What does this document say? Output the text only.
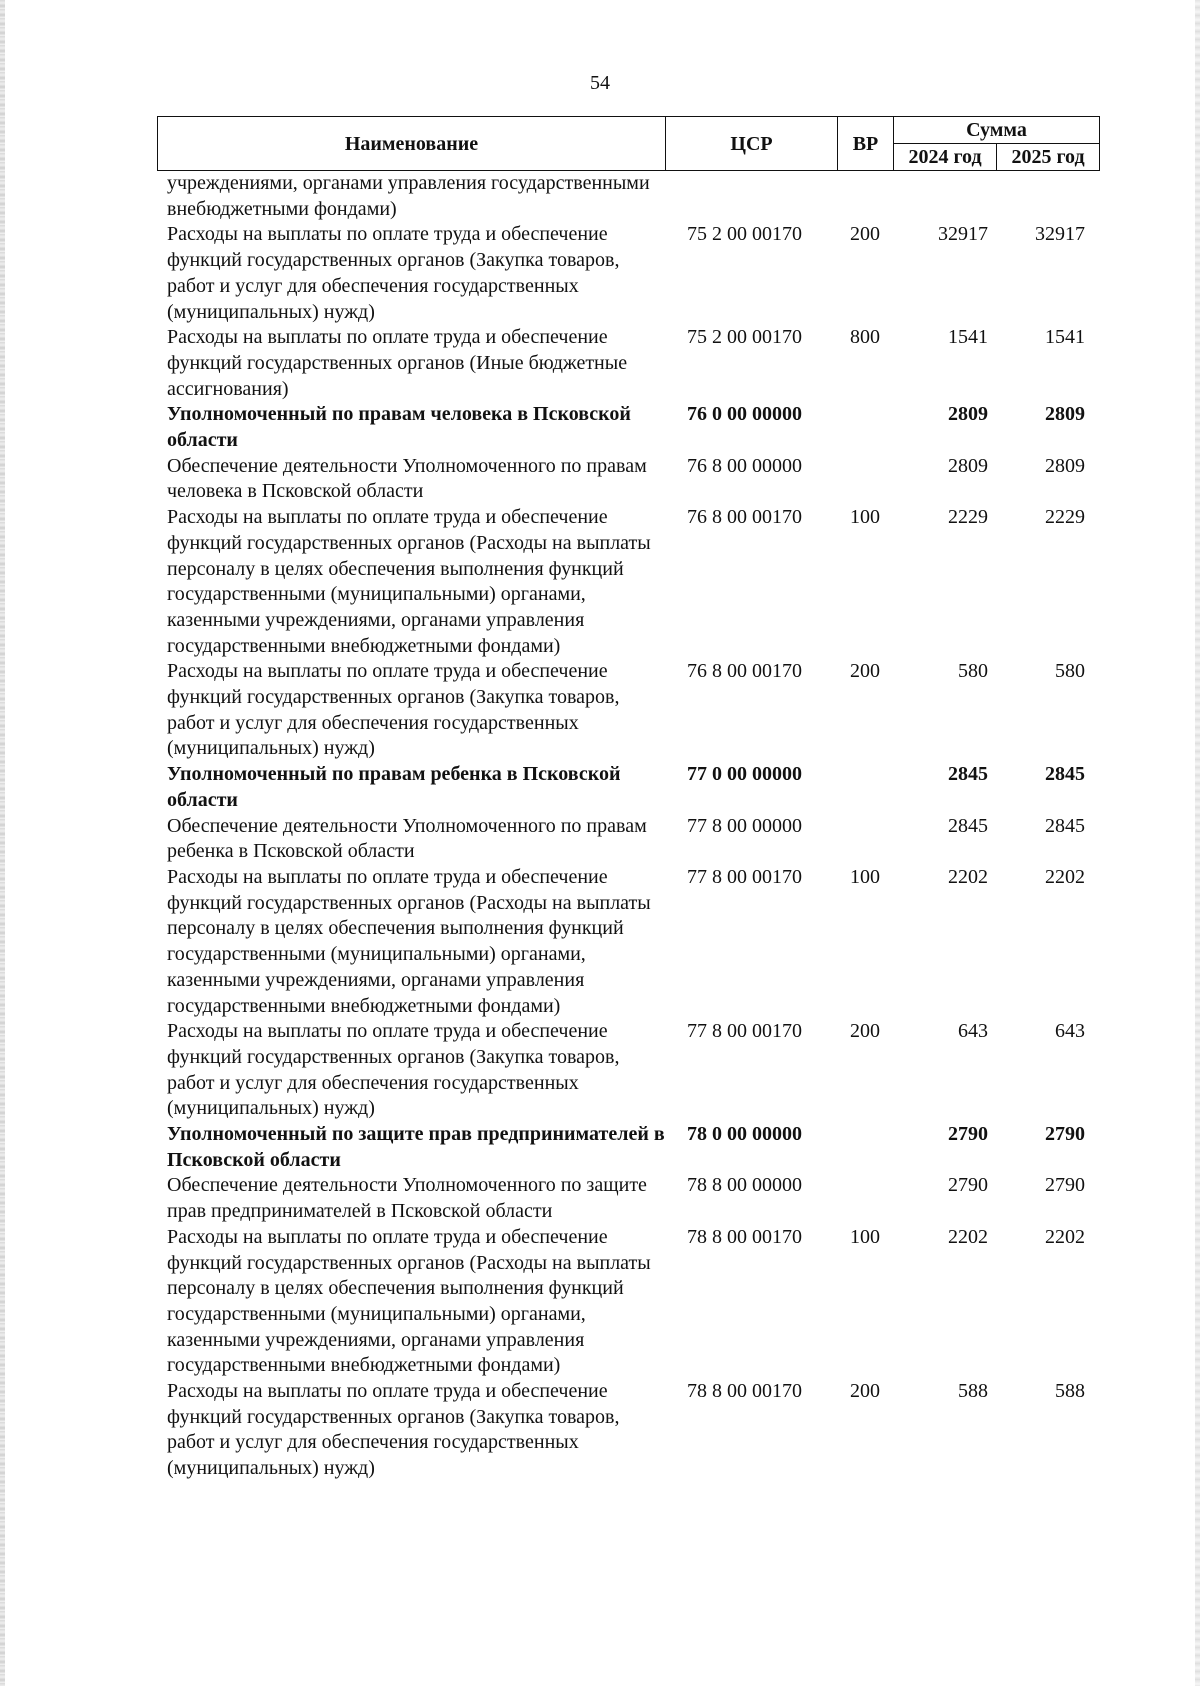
54
Наименование	ЦСР	ВР	Сумма	
			2024 год	2025 год
учреждениями, органами управления государственными внебюджетными фондами)				
Расходы на выплаты по оплате труда и обеспечение функций государственных органов (Закупка товаров, работ и услуг для обеспечения государственных (муниципальных) нужд)	75 2 00 00170	200	32917	32917
Расходы на выплаты по оплате труда и обеспечение функций государственных органов (Иные бюджетные ассигнования)	75 2 00 00170	800	1541	1541
Уполномоченный по правам человека в Псковской области	76 0 00 00000		2809	2809
Обеспечение деятельности Уполномоченного по правам человека в Псковской области	76 8 00 00000		2809	2809
Расходы на выплаты по оплате труда и обеспечение функций государственных органов (Расходы на выплаты персоналу в целях обеспечения выполнения функций государственными (муниципальными) органами, казенными учреждениями, органами управления государственными внебюджетными фондами)	76 8 00 00170	100	2229	2229
Расходы на выплаты по оплате труда и обеспечение функций государственных органов (Закупка товаров, работ и услуг для обеспечения государственных (муниципальных) нужд)	76 8 00 00170	200	580	580
Уполномоченный по правам ребенка в Псковской области	77 0 00 00000		2845	2845
Обеспечение деятельности Уполномоченного по правам ребенка в Псковской области	77 8 00 00000		2845	2845
Расходы на выплаты по оплате труда и обеспечение функций государственных органов (Расходы на выплаты персоналу в целях обеспечения выполнения функций государственными (муниципальными) органами, казенными учреждениями, органами управления государственными внебюджетными фондами)	77 8 00 00170	100	2202	2202
Расходы на выплаты по оплате труда и обеспечение функций государственных органов (Закупка товаров, работ и услуг для обеспечения государственных (муниципальных) нужд)	77 8 00 00170	200	643	643
Уполномоченный по защите прав предпринимателей в Псковской области	78 0 00 00000		2790	2790
Обеспечение деятельности Уполномоченного по защите прав предпринимателей в Псковской области	78 8 00 00000		2790	2790
Расходы на выплаты по оплате труда и обеспечение функций государственных органов (Расходы на выплаты персоналу в целях обеспечения выполнения функций государственными (муниципальными) органами, казенными учреждениями, органами управления государственными внебюджетными фондами)	78 8 00 00170	100	2202	2202
Расходы на выплаты по оплате труда и обеспечение функций государственных органов (Закупка товаров, работ и услуг для обеспечения государственных (муниципальных) нужд)	78 8 00 00170	200	588	588
